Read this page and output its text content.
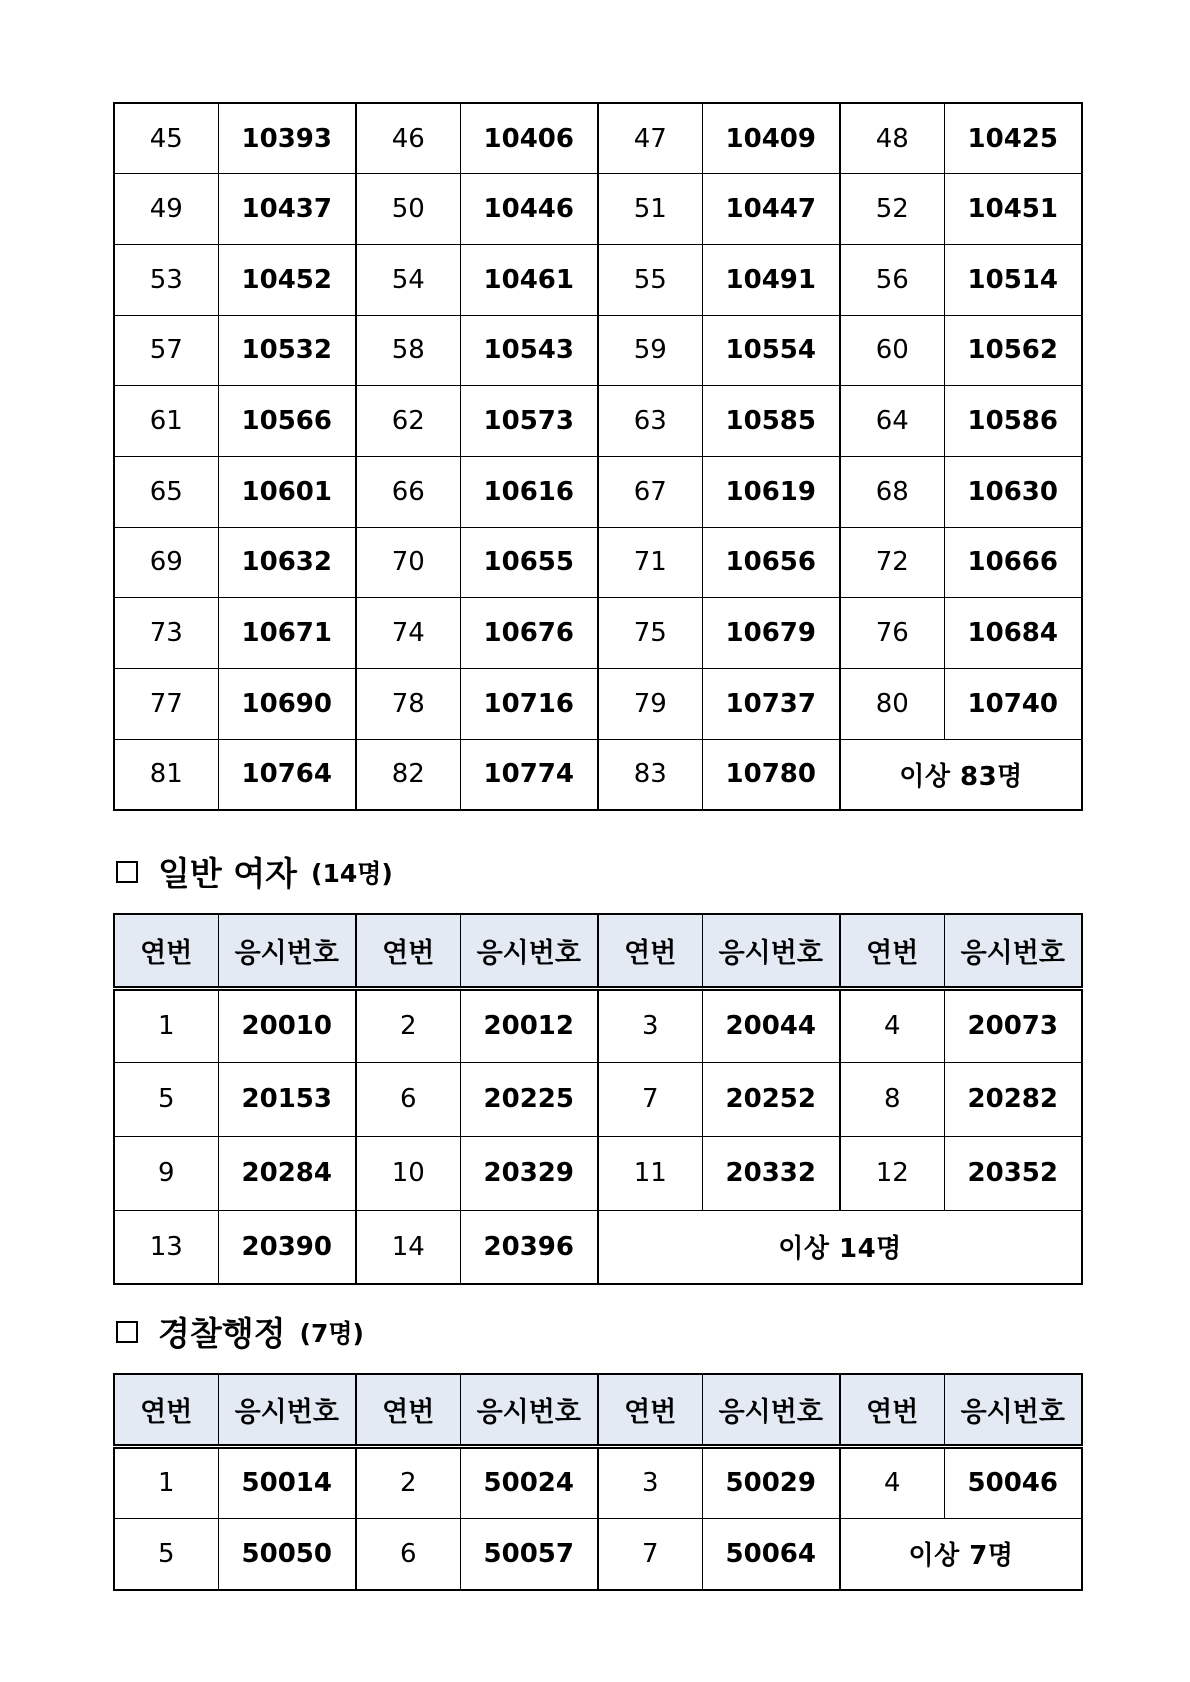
45	10393	46	10406	47	10409	48	10425
49	10437	50	10446	51	10447	52	10451
53	10452	54	10461	55	10491	56	10514
57	10532	58	10543	59	10554	60	10562
61	10566	62	10573	63	10585	64	10586
65	10601	66	10616	67	10619	68	10630
69	10632	70	10655	71	10656	72	10666
73	10671	74	10676	75	10679	76	10684
77	10690	78	10716	79	10737	80	10740
81	10764	82	10774	83	10780	이상 83명	
일반 여자 (14명)
연번	응시번호	연번	응시번호	연번	응시번호	연번	응시번호
1	20010	2	20012	3	20044	4	20073
5	20153	6	20225	7	20252	8	20282
9	20284	10	20329	11	20332	12	20352
13	20390	14	20396	이상 14명			
경찰행정 (7명)
연번	응시번호	연번	응시번호	연번	응시번호	연번	응시번호
1	50014	2	50024	3	50029	4	50046
5	50050	6	50057	7	50064	이상 7명	
